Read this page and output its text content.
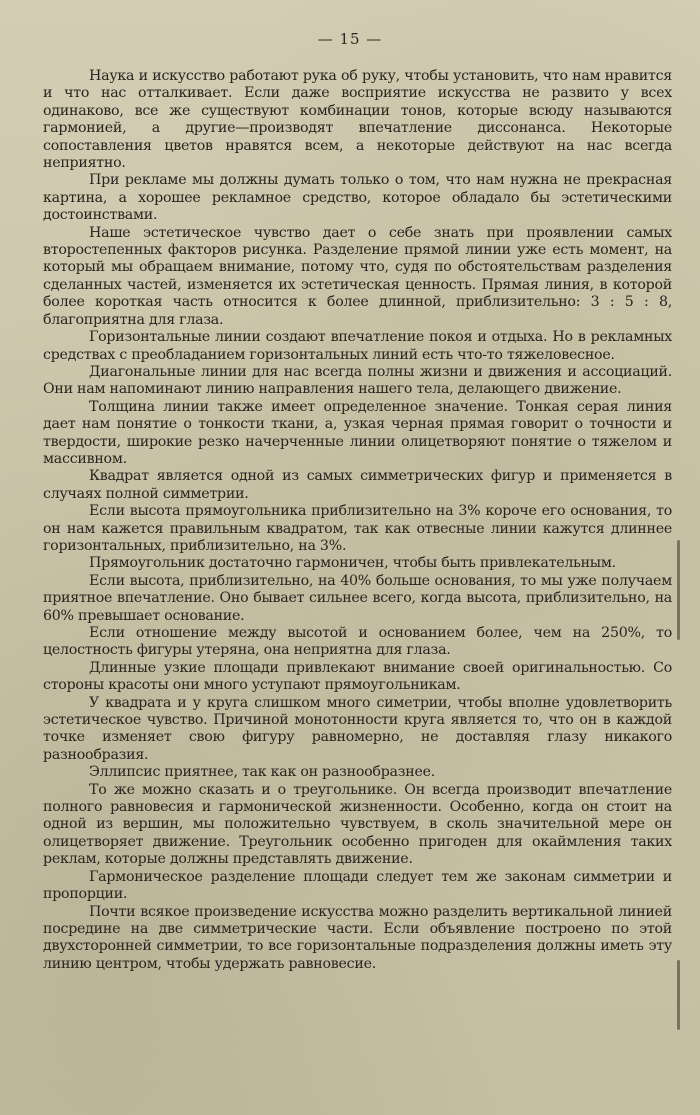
— 15 —

Наука и искусство работают рука об руку, чтобы установить, что нам нравится и что нас отталкивает. Если даже восприятие искусства не развито у всех одинаково, все же существуют комбинации тонов, которые всюду называются гармонией, а другие—производят впечатление диссонанса. Некоторые сопоставления цветов нравятся всем, а некоторые действуют на нас всегда неприятно.

При рекламе мы должны думать только о том, что нам нужна не прекрасная картина, а хорошее рекламное средство, которое обладало бы эстетическими достоинствами.

Наше эстетическое чувство дает о себе знать при проявлении самых второстепенных факторов рисунка. Разделение прямой линии уже есть момент, на который мы обращаем внимание, потому что, судя по обстоятельствам разделения сделанных частей, изменяется их эстетическая ценность. Прямая линия, в которой более короткая часть относится к более длинной, приблизительно: 3 : 5 : 8, благоприятна для глаза.

Горизонтальные линии создают впечатление покоя и отдыха. Но в рекламных средствах с преобладанием горизонтальных линий есть что-то тяжеловесное.

Диагональные линии для нас всегда полны жизни и движения и ассоциаций. Они нам напоминают линию направления нашего тела, делающего движение.

Толщина линии также имеет определенное значение. Тонкая серая линия дает нам понятие о тонкости ткани, а, узкая черная прямая говорит о точности и твердости, широкие резко начерченные линии олицетворяют понятие о тяжелом и массивном.

Квадрат является одной из самых симметрических фигур и применяется в случаях полной симметрии.

Если высота прямоугольника приблизительно на 3% короче его основания, то он нам кажется правильным квадратом, так как отвесные линии кажутся длиннее горизонтальных, приблизительно, на 3%.

Прямоугольник достаточно гармоничен, чтобы быть привлекательным.

Если высота, приблизительно, на 40% больше основания, то мы уже получаем приятное впечатление. Оно бывает сильнее всего, когда высота, приблизительно, на 60% превышает основание.

Если отношение между высотой и основанием более, чем на 250%, то целостность фигуры утеряна, она неприятна для глаза.

Длинные узкие площади привлекают внимание своей оригинальностью. Со стороны красоты они много уступают прямоугольникам.

У квадрата и у круга слишком много симетрии, чтобы вполне удовлетворить эстетическое чувство. Причиной монотонности круга является то, что он в каждой точке изменяет свою фигуру равномерно, не доставляя глазу никакого разнообразия.

Эллипсис приятнее, так как он разнообразнее.

То же можно сказать и о треугольнике. Он всегда производит впечатление полного равновесия и гармонической жизненности. Особенно, когда он стоит на одной из вершин, мы положительно чувствуем, в сколь значительной мере он олицетворяет движение. Треугольник особенно пригоден для окаймления таких реклам, которые должны представлять движение.

Гармоническое разделение площади следует тем же законам симметрии и пропорции.

Почти всякое произведение искусства можно разделить вертикальной линией посредине на две симметрические части. Если объявление построено по этой двухсторонней симметрии, то все горизонтальные подразделения должны иметь эту линию центром, чтобы удержать равновесие.
